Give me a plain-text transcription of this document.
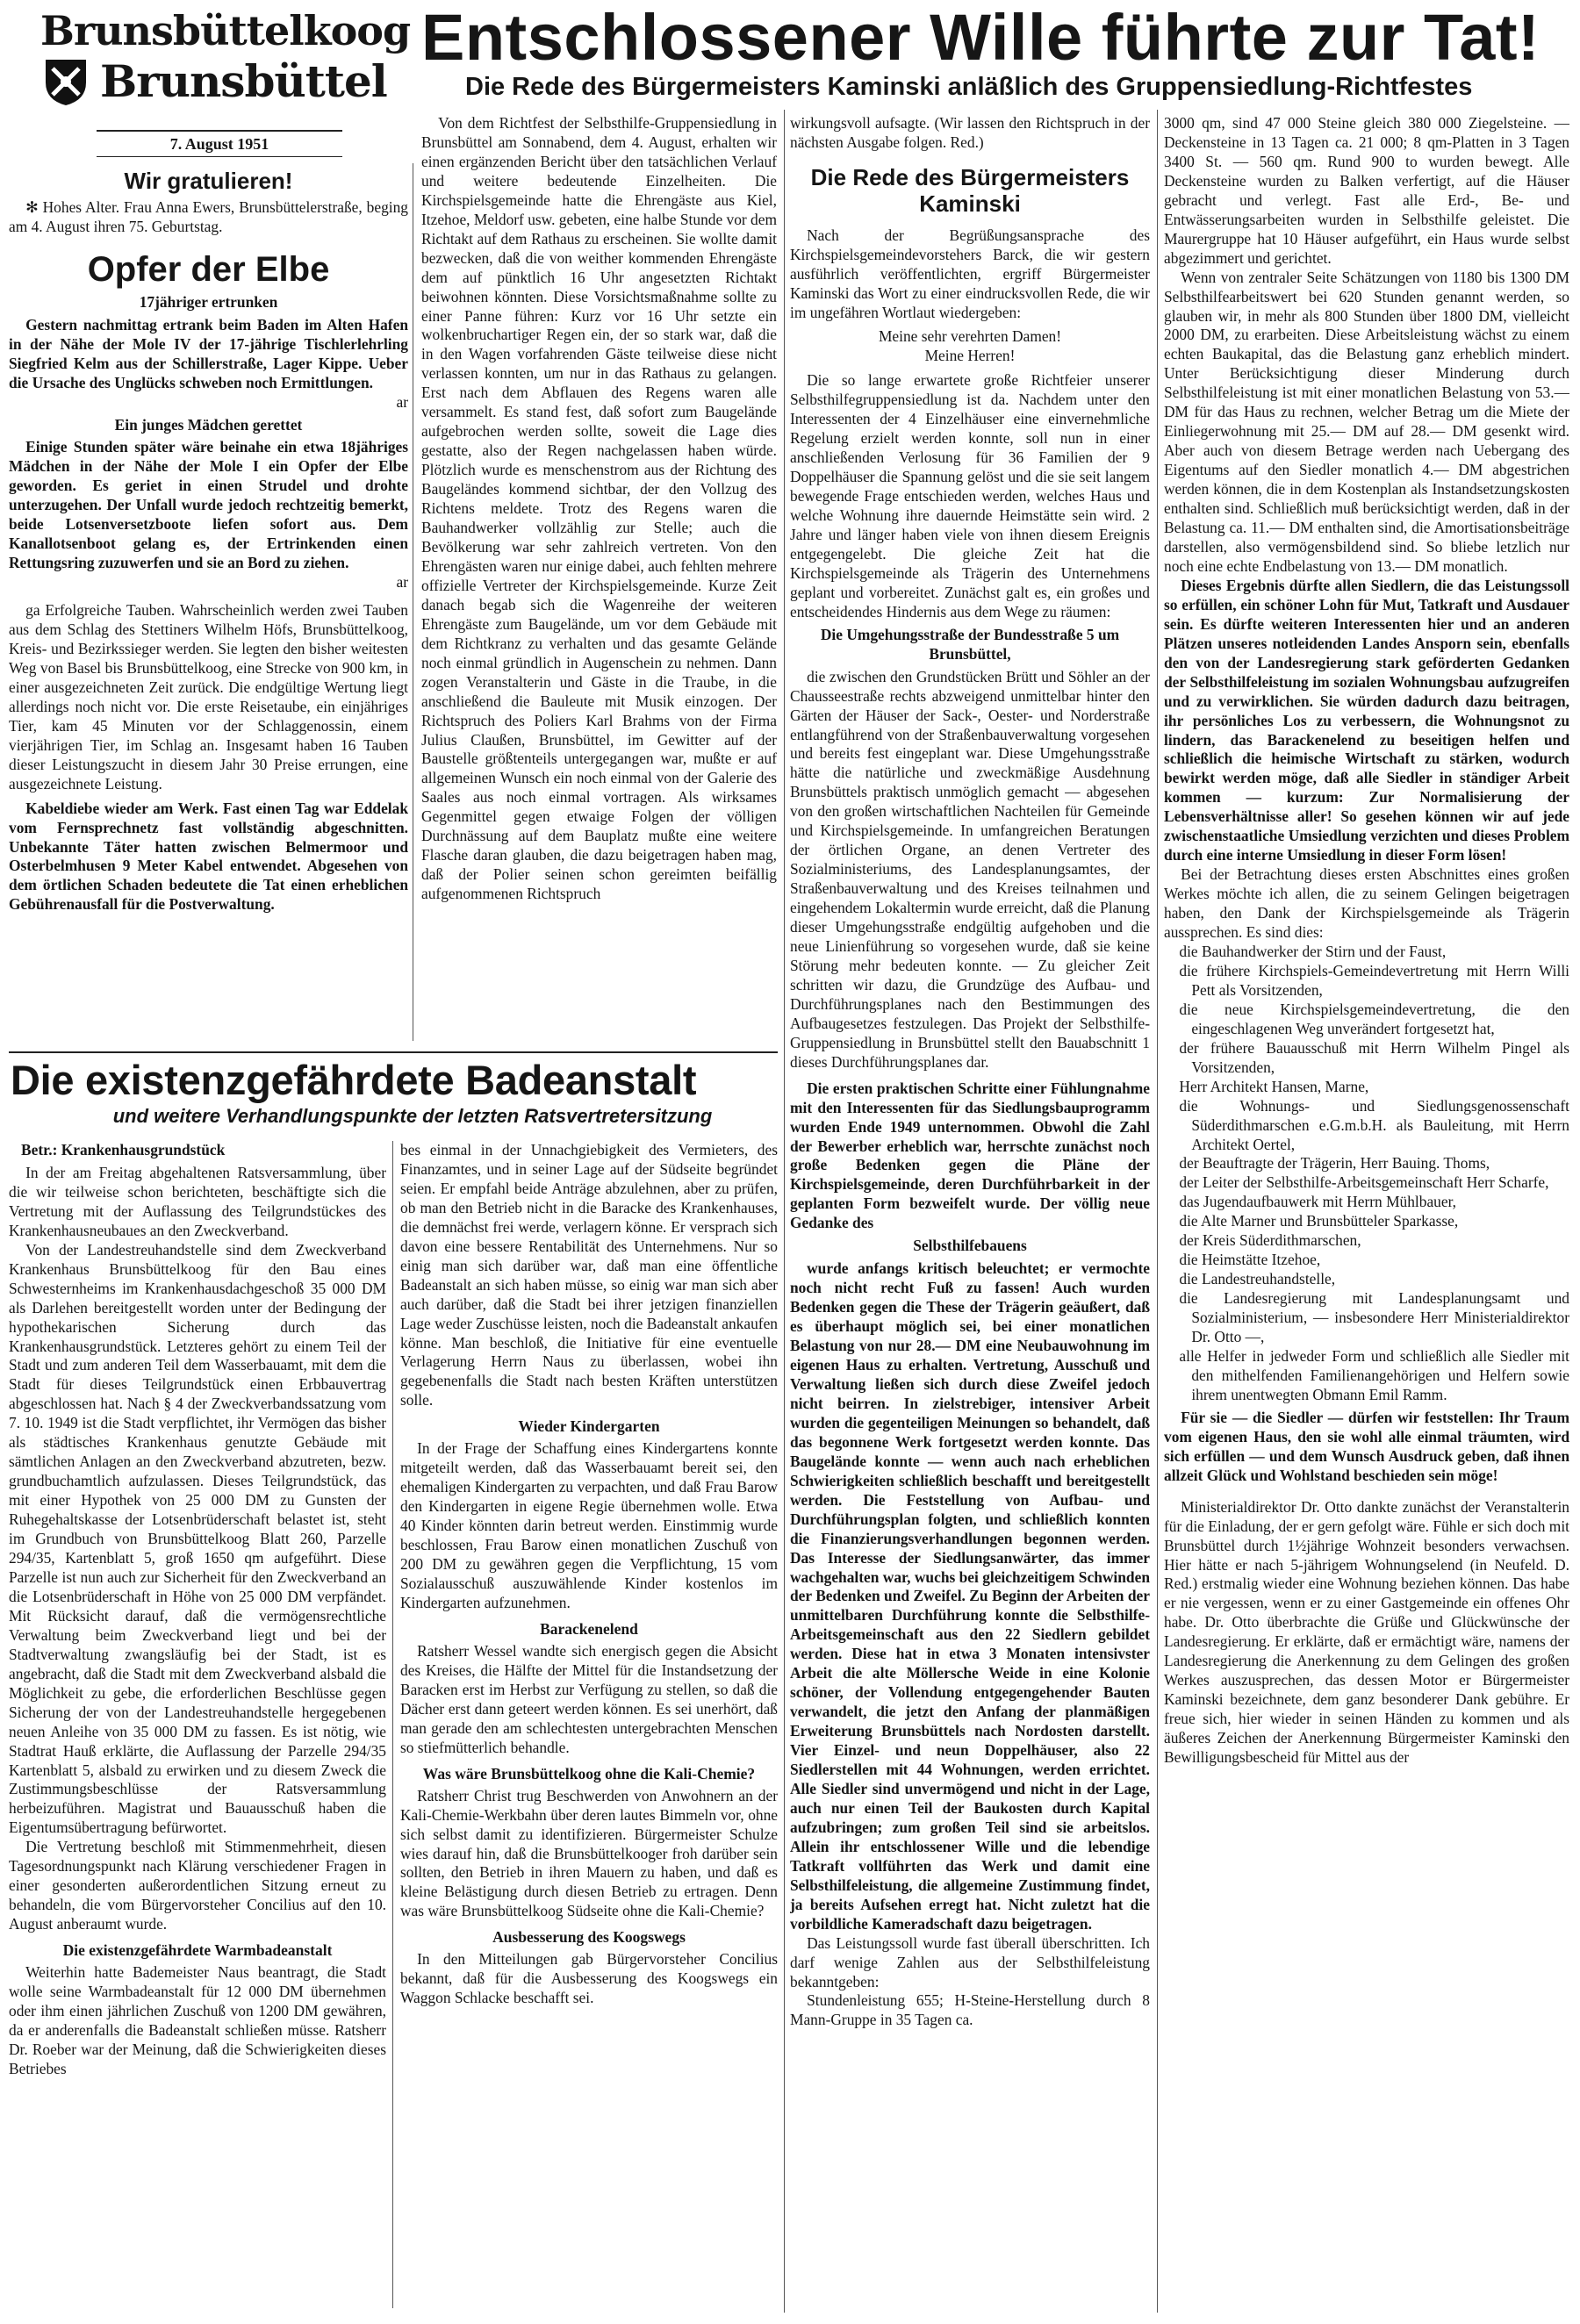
Brunsbüttelkoog
Brunsbüttel
7. August 1951
Entschlossener Wille führte zur Tat!
Die Rede des Bürgermeisters Kaminski anläßlich des Gruppensiedlung-Richtfestes
Wir gratulieren!

✻ Hohes Alter. Frau Anna Ewers, Brunsbüttelerstraße, beging am 4. August ihren 75. Geburtstag.

Opfer der Elbe
17jähriger ertrunken

Gestern nachmittag ertrank beim Baden im Alten Hafen in der Nähe der Mole IV der 17-jährige Tischlerlehrling Siegfried Kelm aus der Schillerstraße, Lager Kippe. Ueber die Ursache des Unglücks schweben noch Ermittlungen.

ar

Ein junges Mädchen gerettet

Einige Stunden später wäre beinahe ein etwa 18jähriges Mädchen in der Nähe der Mole I ein Opfer der Elbe geworden. Es geriet in einen Strudel und drohte unterzugehen. Der Unfall wurde jedoch rechtzeitig bemerkt, beide Lotsenversetzboote liefen sofort aus. Dem Kanallotsenboot gelang es, der Ertrinkenden einen Rettungsring zuzuwerfen und sie an Bord zu ziehen.

ar

ga Erfolgreiche Tauben. Wahrscheinlich werden zwei Tauben aus dem Schlag des Stettiners Wilhelm Höfs, Brunsbüttelkoog, Kreis- und Bezirkssieger werden. Sie legten den bisher weitesten Weg von Basel bis Brunsbüttelkoog, eine Strecke von 900 km, in einer ausgezeichneten Zeit zurück. Die endgültige Wertung liegt allerdings noch nicht vor. Die erste Reisetaube, ein einjähriges Tier, kam 45 Minuten vor der Schlaggenossin, einem vierjährigen Tier, im Schlag an. Insgesamt haben 16 Tauben dieser Leistungszucht in diesem Jahr 30 Preise errungen, eine ausgezeichnete Leistung.

Kabeldiebe wieder am Werk. Fast einen Tag war Eddelak vom Fernsprechnetz fast vollständig abgeschnitten. Unbekannte Täter hatten zwischen Belmermoor und Osterbelmhusen 9 Meter Kabel entwendet. Abgesehen von dem örtlichen Schaden bedeutete die Tat einen erheblichen Gebührenausfall für die Postverwaltung.

Von dem Richtfest der Selbsthilfe-Gruppensiedlung in Brunsbüttel am Sonnabend, dem 4. August, erhalten wir einen ergänzenden Bericht über den tatsächlichen Verlauf und weitere bedeutende Einzelheiten. Die Kirchspielsgemeinde hatte die Ehrengäste aus Kiel, Itzehoe, Meldorf usw. gebeten, eine halbe Stunde vor dem Richtakt auf dem Rathaus zu erscheinen. Sie wollte damit bezwecken, daß die von weither kommenden Ehrengäste dem auf pünktlich 16 Uhr angesetzten Richtakt beiwohnen könnten. Diese Vorsichtsmaßnahme sollte zu einer Panne führen: Kurz vor 16 Uhr setzte ein wolkenbruchartiger Regen ein, der so stark war, daß die in den Wagen vorfahrenden Gäste teilweise diese nicht verlassen konnten, um nur in das Rathaus zu gelangen. Erst nach dem Abflauen des Regens waren alle versammelt. Es stand fest, daß sofort zum Baugelände aufgebrochen werden sollte, soweit die Lage dies gestatte, also der Regen nachgelassen haben würde. Plötzlich wurde es menschenstrom aus der Richtung des Baugeländes kommend sichtbar, der den Vollzug des Richtens meldete. Trotz des Regens waren die Bauhandwerker vollzählig zur Stelle; auch die Bevölkerung war sehr zahlreich vertreten. Von den Ehrengästen waren nur einige dabei, auch fehlten mehrere offizielle Vertreter der Kirchspielsgemeinde. Kurze Zeit danach begab sich die Wagenreihe der weiteren Ehrengäste zum Baugelände, um vor dem Gebäude mit dem Richtkranz zu verhalten und das gesamte Gelände noch einmal gründlich in Augenschein zu nehmen. Dann zogen Veranstalterin und Gäste in die Traube, in die anschließend die Bauleute mit Musik einzogen. Der Richtspruch des Poliers Karl Brahms von der Firma Julius Claußen, Brunsbüttel, im Gewitter auf der Baustelle größtenteils untergegangen war, mußte er auf allgemeinen Wunsch ein noch einmal von der Galerie des Saales aus noch einmal vortragen. Als wirksames Gegenmittel gegen etwaige Folgen der völligen Durchnässung auf dem Bauplatz mußte eine weitere Flasche daran glauben, die dazu beigetragen haben mag, daß der Polier seinen schon gereimten beifällig aufgenommenen Richtspruch

wirkungsvoll aufsagte. (Wir lassen den Richtspruch in der nächsten Ausgabe folgen. Red.)

Die Rede des Bürgermeisters Kaminski

Nach der Begrüßungsansprache des Kirchspielsgemeindevorstehers Barck, die wir gestern ausführlich veröffentlichten, ergriff Bürgermeister Kaminski das Wort zu einer eindrucksvollen Rede, die wir im ungefähren Wortlaut wiedergeben:

Meine sehr verehrten Damen!

Meine Herren!

Die so lange erwartete große Richtfeier unserer Selbsthilfegruppensiedlung ist da. Nachdem unter den Interessenten der 4 Einzelhäuser eine einvernehmliche Regelung erzielt werden konnte, soll nun in einer anschließenden Verlosung für 36 Familien der 9 Doppelhäuser die Spannung gelöst und die sie seit langem bewegende Frage entschieden werden, welches Haus und welche Wohnung ihre dauernde Heimstätte sein wird. 2 Jahre und länger haben viele von ihnen diesem Ereignis entgegengelebt. Die gleiche Zeit hat die Kirchspielsgemeinde als Trägerin des Unternehmens geplant und vorbereitet. Zunächst galt es, ein großes und entscheidendes Hindernis aus dem Wege zu räumen:

Die Umgehungsstraße der Bundesstraße 5 um Brunsbüttel,

die zwischen den Grundstücken Brütt und Söhler an der Chausseestraße rechts abzweigend unmittelbar hinter den Gärten der Häuser der Sack-, Oester- und Norderstraße entlangführend von der Straßenbauverwaltung vorgesehen und bereits fest eingeplant war. Diese Umgehungsstraße hätte die natürliche und zweckmäßige Ausdehnung Brunsbüttels praktisch unmöglich gemacht — abgesehen von den großen wirtschaftlichen Nachteilen für Gemeinde und Kirchspielsgemeinde. In umfangreichen Beratungen der örtlichen Organe, an denen Vertreter des Sozialministeriums, des Landesplanungsamtes, der Straßenbauverwaltung und des Kreises teilnahmen und eingehendem Lokaltermin wurde erreicht, daß die Planung dieser Umgehungsstraße endgültig aufgehoben und die neue Linienführung so vorgesehen wurde, daß sie keine Störung mehr bedeuten konnte. — Zu gleicher Zeit schritten wir dazu, die Grundzüge des Aufbau- und Durchführungsplanes nach den Bestimmungen des Aufbaugesetzes festzulegen. Das Projekt der Selbsthilfe-Gruppensiedlung in Brunsbüttel stellt den Bauabschnitt 1 dieses Durchführungsplanes dar.

Die ersten praktischen Schritte einer Fühlungnahme mit den Interessenten für das Siedlungsbauprogramm wurden Ende 1949 unternommen. Obwohl die Zahl der Bewerber erheblich war, herrschte zunächst noch große Bedenken gegen die Pläne der Kirchspielsgemeinde, deren Durchführbarkeit in der geplanten Form bezweifelt wurde. Der völlig neue Gedanke des

Selbsthilfebauens

wurde anfangs kritisch beleuchtet; er vermochte noch nicht recht Fuß zu fassen! Auch wurden Bedenken gegen die These der Trägerin geäußert, daß es überhaupt möglich sei, bei einer monatlichen Belastung von nur 28.— DM eine Neubauwohnung im eigenen Haus zu erhalten. Vertretung, Ausschuß und Verwaltung ließen sich durch diese Zweifel jedoch nicht beirren. In zielstrebiger, intensiver Arbeit wurden die gegenteiligen Meinungen so behandelt, daß das begonnene Werk fortgesetzt werden konnte. Das Baugelände konnte — wenn auch nach erheblichen Schwierigkeiten schließlich beschafft und bereitgestellt werden. Die Feststellung von Aufbau- und Durchführungsplan folgten, und schließlich konnten die Finanzierungsverhandlungen begonnen werden. Das Interesse der Siedlungsanwärter, das immer wachgehalten war, wuchs bei gleichzeitigem Schwinden der Bedenken und Zweifel. Zu Beginn der Arbeiten der unmittelbaren Durchführung konnte die Selbsthilfe-Arbeitsgemeinschaft aus den 22 Siedlern gebildet werden. Diese hat in etwa 3 Monaten intensivster Arbeit die alte Möllersche Weide in eine Kolonie schöner, der Vollendung entgegengehender Bauten verwandelt, die jetzt den Anfang der planmäßigen Erweiterung Brunsbüttels nach Nordosten darstellt. Vier Einzel- und neun Doppelhäuser, also 22 Siedlerstellen mit 44 Wohnungen, werden errichtet. Alle Siedler sind unvermögend und nicht in der Lage, auch nur einen Teil der Baukosten durch Kapital aufzubringen; zum großen Teil sind sie arbeitslos. Allein ihr entschlossener Wille und die lebendige Tatkraft vollführten das Werk und damit eine Selbsthilfeleistung, die allgemeine Zustimmung findet, ja bereits Aufsehen erregt hat. Nicht zuletzt hat die vorbildliche Kameradschaft dazu beigetragen.

Das Leistungssoll wurde fast überall überschritten. Ich darf wenige Zahlen aus der Selbsthilfeleistung bekanntgeben:

Stundenleistung 655; H-Steine-Herstellung durch 8 Mann-Gruppe in 35 Tagen ca.

3000 qm, sind 47 000 Steine gleich 380 000 Ziegelsteine. — Deckensteine in 13 Tagen ca. 21 000; 8 qm-Platten in 3 Tagen 3400 St. — 560 qm. Rund 900 to wurden bewegt. Alle Deckensteine wurden zu Balken verfertigt, auf die Häuser gebracht und verlegt. Fast alle Erd-, Be- und Entwässerungsarbeiten wurden in Selbsthilfe geleistet. Die Maurergruppe hat 10 Häuser aufgeführt, ein Haus wurde selbst abgezimmert und gerichtet.

Wenn von zentraler Seite Schätzungen von 1180 bis 1300 DM Selbsthilfearbeitswert bei 620 Stunden genannt werden, so glauben wir, in mehr als 800 Stunden über 1800 DM, vielleicht 2000 DM, zu erarbeiten. Diese Arbeitsleistung wächst zu einem echten Baukapital, das die Belastung ganz erheblich mindert. Unter Berücksichtigung dieser Minderung durch Selbsthilfeleistung ist mit einer monatlichen Belastung von 53.— DM für das Haus zu rechnen, welcher Betrag um die Miete der Einliegerwohnung mit 25.— DM auf 28.— DM gesenkt wird. Aber auch von diesem Betrage werden nach Uebergang des Eigentums auf den Siedler monatlich 4.— DM abgestrichen werden können, die in dem Kostenplan als Instandsetzungskosten enthalten sind. Schließlich muß berücksichtigt werden, daß in der Belastung ca. 11.— DM enthalten sind, die Amortisationsbeiträge darstellen, also vermögensbildend sind. So bliebe letzlich nur noch eine echte Endbelastung von 13.— DM monatlich.

Dieses Ergebnis dürfte allen Siedlern, die das Leistungssoll so erfüllen, ein schöner Lohn für Mut, Tatkraft und Ausdauer sein. Es dürfte weiteren Interessenten hier und an anderen Plätzen unseres notleidenden Landes Ansporn sein, ebenfalls den von der Landesregierung stark geförderten Gedanken der Selbsthilfeleistung im sozialen Wohnungsbau aufzugreifen und zu verwirklichen. Sie würden dadurch dazu beitragen, ihr persönliches Los zu verbessern, die Wohnungsnot zu lindern, das Barackenelend zu beseitigen helfen und schließlich die heimische Wirtschaft zu stärken, wodurch bewirkt werden möge, daß alle Siedler in ständiger Arbeit kommen — kurzum: Zur Normalisierung der Lebensverhältnisse aller! So gesehen können wir auf jede zwischenstaatliche Umsiedlung verzichten und dieses Problem durch eine interne Umsiedlung in dieser Form lösen!

Bei der Betrachtung dieses ersten Abschnittes eines großen Werkes möchte ich allen, die zu seinem Gelingen beigetragen haben, den Dank der Kirchspielsgemeinde als Trägerin aussprechen. Es sind dies:

die Bauhandwerker der Stirn und der Faust,

die frühere Kirchspiels-Gemeindevertretung mit Herrn Willi Pett als Vorsitzenden,

die neue Kirchspielsgemeindevertretung, die den eingeschlagenen Weg unverändert fortgesetzt hat,

der frühere Bauausschuß mit Herrn Wilhelm Pingel als Vorsitzenden,

Herr Architekt Hansen, Marne,

die Wohnungs- und Siedlungsgenossenschaft Süderdithmarschen e.G.m.b.H. als Bauleitung, mit Herrn Architekt Oertel,

der Beauftragte der Trägerin, Herr Bauing. Thoms,

der Leiter der Selbsthilfe-Arbeitsgemeinschaft Herr Scharfe,

das Jugendaufbauwerk mit Herrn Mühlbauer,

die Alte Marner und Brunsbütteler Sparkasse,

der Kreis Süderdithmarschen,

die Heimstätte Itzehoe,

die Landestreuhandstelle,

die Landesregierung mit Landesplanungsamt und Sozialministerium, — insbesondere Herr Ministerialdirektor Dr. Otto —,

alle Helfer in jedweder Form und schließlich alle Siedler mit den mithelfenden Familienangehörigen und Helfern sowie ihrem unentwegten Obmann Emil Ramm.

Für sie — die Siedler — dürfen wir feststellen: Ihr Traum vom eigenen Haus, den sie wohl alle einmal träumten, wird sich erfüllen — und dem Wunsch Ausdruck geben, daß ihnen allzeit Glück und Wohlstand beschieden sein möge!

Ministerialdirektor Dr. Otto dankte zunächst der Veranstalterin für die Einladung, der er gern gefolgt wäre. Fühle er sich doch mit Brunsbüttel durch 1½jährige Wohnzeit besonders verwachsen. Hier hätte er nach 5-jährigem Wohnungselend (in Neufeld. D. Red.) erstmalig wieder eine Wohnung beziehen können. Das habe er nie vergessen, wenn er zu einer Gastgemeinde ein offenes Ohr habe. Dr. Otto überbrachte die Grüße und Glückwünsche der Landesregierung. Er erklärte, daß er ermächtigt wäre, namens der Landesregierung die Anerkennung zu dem Gelingen des großen Werkes auszusprechen, das dessen Motor er Bürgermeister Kaminski bezeichnete, dem ganz besonderer Dank gebühre. Er freue sich, hier wieder in seinen Händen zu kommen und als äußeres Zeichen der Anerkennung Bürgermeister Kaminski den Bewilligungsbescheid für Mittel aus der

Die existenzgefährdete Badeanstalt
und weitere Verhandlungspunkte der letzten Ratsvertretersitzung
Betr.: Krankenhausgrundstück

In der am Freitag abgehaltenen Ratsversammlung, über die wir teilweise schon berichteten, beschäftigte sich die Vertretung mit der Auflassung des Teilgrundstückes des Krankenhausneubaues an den Zweckverband.

Von der Landestreuhandstelle sind dem Zweckverband Krankenhaus Brunsbüttelkoog für den Bau eines Schwesternheims im Krankenhausdachgeschoß 35 000 DM als Darlehen bereitgestellt worden unter der Bedingung der hypothekarischen Sicherung durch das Krankenhausgrundstück. Letzteres gehört zu einem Teil der Stadt und zum anderen Teil dem Wasserbauamt, mit dem die Stadt für dieses Teilgrundstück einen Erbbauvertrag abgeschlossen hat. Nach § 4 der Zweckverbandssatzung vom 7. 10. 1949 ist die Stadt verpflichtet, ihr Vermögen das bisher als städtisches Krankenhaus genutzte Gebäude mit sämtlichen Anlagen an den Zweckverband abzutreten, bezw. grundbuchamtlich aufzulassen. Dieses Teilgrundstück, das mit einer Hypothek von 25 000 DM zu Gunsten der Ruhegehaltskasse der Lotsenbrüderschaft belastet ist, steht im Grundbuch von Brunsbüttelkoog Blatt 260, Parzelle 294/35, Kartenblatt 5, groß 1650 qm aufgeführt. Diese Parzelle ist nun auch zur Sicherheit für den Zweckverband an die Lotsenbrüderschaft in Höhe von 25 000 DM verpfändet. Mit Rücksicht darauf, daß die vermögensrechtliche Verwaltung beim Zweckverband liegt und bei der Stadtverwaltung zwangsläufig bei der Stadt, ist es angebracht, daß die Stadt mit dem Zweckverband alsbald die Möglichkeit zu gebe, die erforderlichen Beschlüsse gegen Sicherung der von der Landestreuhandstelle hergegebenen neuen Anleihe von 35 000 DM zu fassen. Es ist nötig, wie Stadtrat Hauß erklärte, die Auflassung der Parzelle 294/35 Kartenblatt 5, alsbald zu erwirken und zu diesem Zweck die Zustimmungsbeschlüsse der Ratsversammlung herbeizuführen. Magistrat und Bauausschuß haben die Eigentumsübertragung befürwortet.

Die Vertretung beschloß mit Stimmenmehrheit, diesen Tagesordnungspunkt nach Klärung verschiedener Fragen in einer gesonderten außerordentlichen Sitzung erneut zu behandeln, die vom Bürgervorsteher Concilius auf den 10. August anberaumt wurde.

Die existenzgefährdete Warmbadeanstalt

Weiterhin hatte Bademeister Naus beantragt, die Stadt wolle seine Warmbadeanstalt für 12 000 DM übernehmen oder ihm einen jährlichen Zuschuß von 1200 DM gewähren, da er anderenfalls die Badeanstalt schließen müsse. Ratsherr Dr. Roeber war der Meinung, daß die Schwierigkeiten dieses Betriebes

bes einmal in der Unnachgiebigkeit des Vermieters, des Finanzamtes, und in seiner Lage auf der Südseite begründet seien. Er empfahl beide Anträge abzulehnen, aber zu prüfen, ob man den Betrieb nicht in die Baracke des Krankenhauses, die demnächst frei werde, verlagern könne. Er versprach sich davon eine bessere Rentabilität des Unternehmens. Nur so einig man sich darüber war, daß man eine öffentliche Badeanstalt an sich haben müsse, so einig war man sich aber auch darüber, daß die Stadt bei ihrer jetzigen finanziellen Lage weder Zuschüsse leisten, noch die Badeanstalt ankaufen könne. Man beschloß, die Initiative für eine eventuelle Verlagerung Herrn Naus zu überlassen, wobei ihn gegebenenfalls die Stadt nach besten Kräften unterstützen solle.

Wieder Kindergarten

In der Frage der Schaffung eines Kindergartens konnte mitgeteilt werden, daß das Wasserbauamt bereit sei, den ehemaligen Kindergarten zu verpachten, und daß Frau Barow den Kindergarten in eigene Regie übernehmen wolle. Etwa 40 Kinder könnten darin betreut werden. Einstimmig wurde beschlossen, Frau Barow einen monatlichen Zuschuß von 200 DM zu gewähren gegen die Verpflichtung, 15 vom Sozialausschuß auszuwählende Kinder kostenlos im Kindergarten aufzunehmen.

Barackenelend

Ratsherr Wessel wandte sich energisch gegen die Absicht des Kreises, die Hälfte der Mittel für die Instandsetzung der Baracken erst im Herbst zur Verfügung zu stellen, so daß die Dächer erst dann geteert werden können. Es sei unerhört, daß man gerade den am schlechtesten untergebrachten Menschen so stiefmütterlich behandle.

Was wäre Brunsbüttelkoog ohne die Kali-Chemie?

Ratsherr Christ trug Beschwerden von Anwohnern an der Kali-Chemie-Werkbahn über deren lautes Bimmeln vor, ohne sich selbst damit zu identifizieren. Bürgermeister Schulze wies darauf hin, daß die Brunsbüttelkooger froh darüber sein sollten, den Betrieb in ihren Mauern zu haben, und daß es kleine Belästigung durch diesen Betrieb zu ertragen. Denn was wäre Brunsbüttelkoog Südseite ohne die Kali-Chemie?

Ausbesserung des Koogswegs

In den Mitteilungen gab Bürgervorsteher Concilius bekannt, daß für die Ausbesserung des Koogswegs ein Waggon Schlacke beschafft sei.
